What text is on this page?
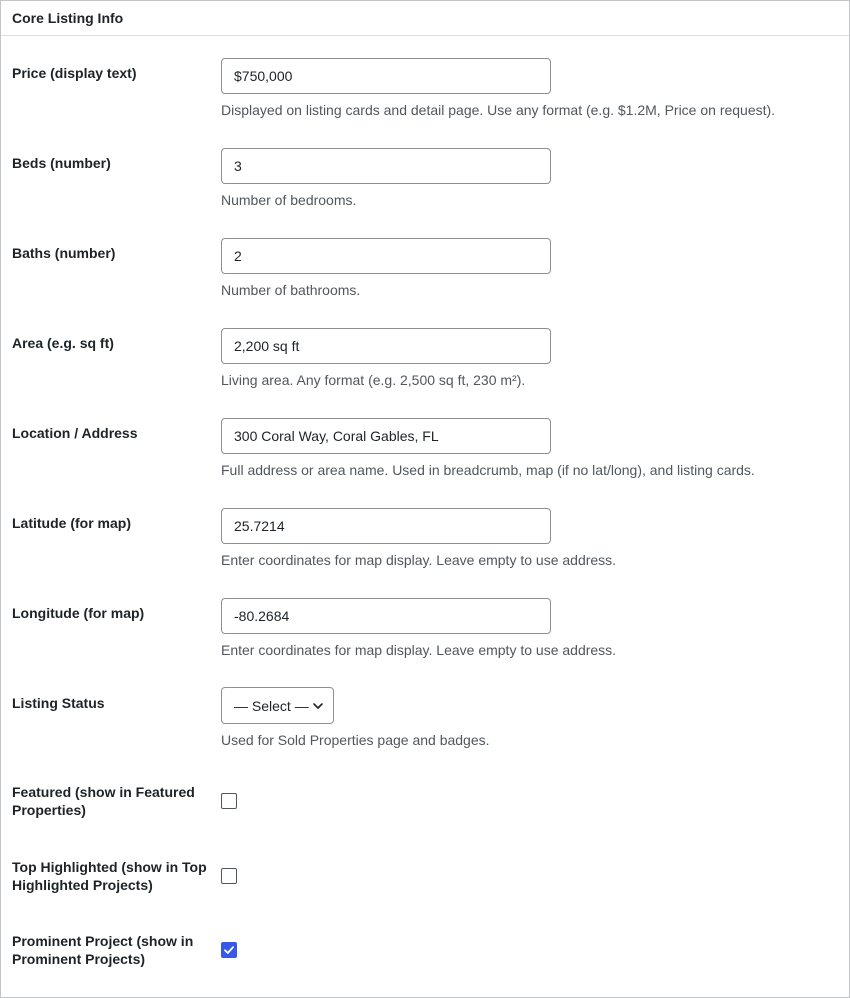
Core Listing Info
Price (display text)
$750,000
Displayed on listing cards and detail page. Use any format (e.g. $1.2M, Price on request).
Beds (number)
3
Number of bedrooms.
Baths (number)
2
Number of bathrooms.
Area (e.g. sq ft)
2,200 sq ft
Living area. Any format (e.g. 2,500 sq ft, 230 m²).
Location / Address
300 Coral Way, Coral Gables, FL
Full address or area name. Used in breadcrumb, map (if no lat/long), and listing cards.
Latitude (for map)
25.7214
Enter coordinates for map display. Leave empty to use address.
Longitude (for map)
-80.2684
Enter coordinates for map display. Leave empty to use address.
Listing Status	— Select —
Used for Sold Properties page and badges.
Featured (show in Featured Properties)
Top Highlighted (show in Top Highlighted Projects)
Prominent Project (show in Prominent Projects)
